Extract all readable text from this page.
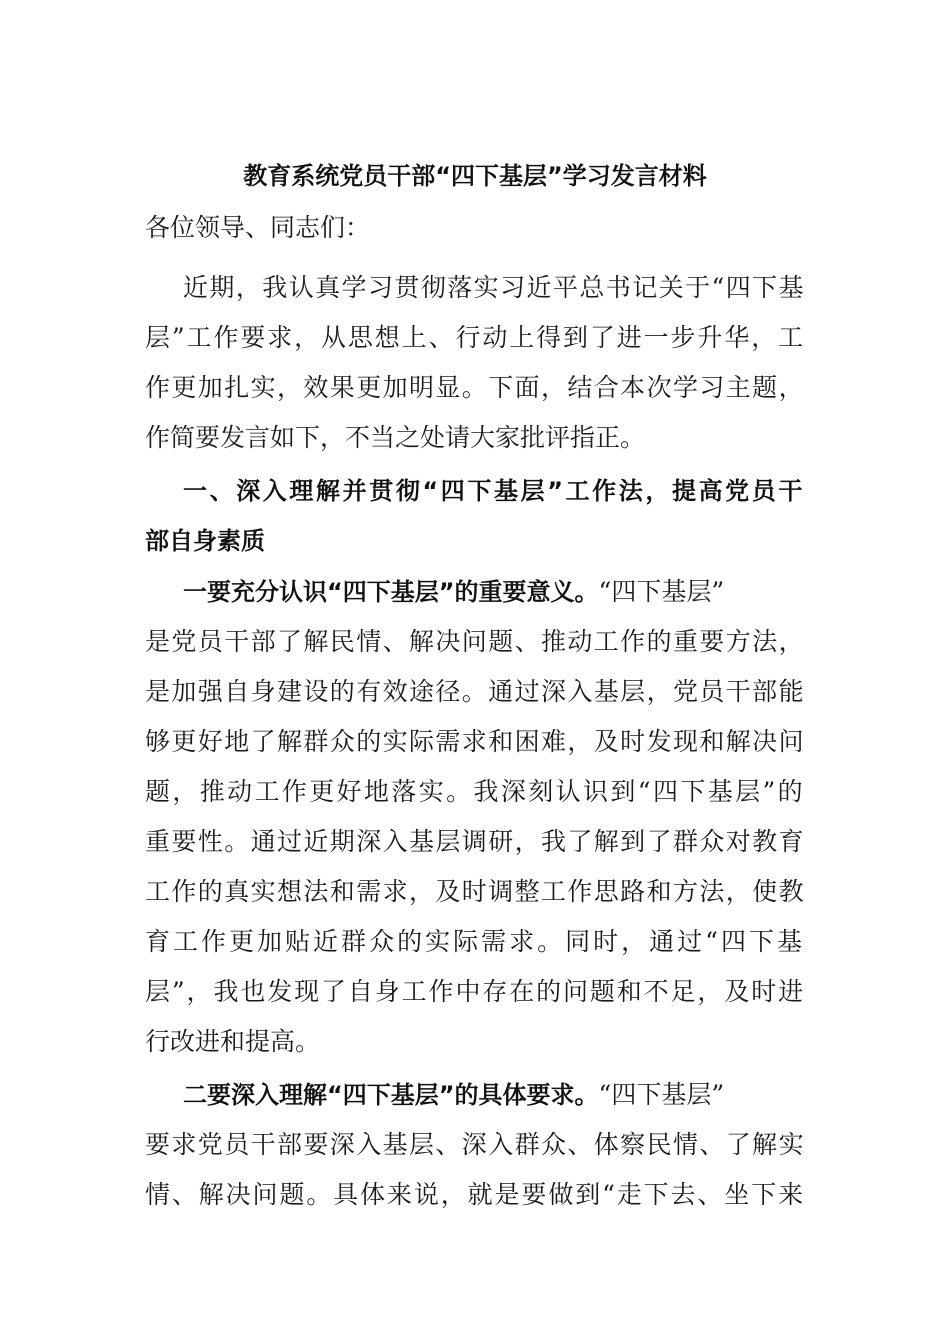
教育系统党员干部“四下基层”学习发言材料
各位领导、同志们：
近期，我认真学习贯彻落实习近平总书记关于“四下基
层”工作要求，从思想上、行动上得到了进一步升华，工
作更加扎实，效果更加明显。下面，结合本次学习主题，
作简要发言如下，不当之处请大家批评指正。
一、深入理解并贯彻“四下基层”工作法，提高党员干
部自身素质
一要充分认识“四下基层”的重要意义。“四下基层”
是党员干部了解民情、解决问题、推动工作的重要方法，
是加强自身建设的有效途径。通过深入基层，党员干部能
够更好地了解群众的实际需求和困难，及时发现和解决问
题，推动工作更好地落实。我深刻认识到“四下基层”的
重要性。通过近期深入基层调研，我了解到了群众对教育
工作的真实想法和需求，及时调整工作思路和方法，使教
育工作更加贴近群众的实际需求。同时，通过“四下基
层”，我也发现了自身工作中存在的问题和不足，及时进
行改进和提高。
二要深入理解“四下基层”的具体要求。“四下基层”
要求党员干部要深入基层、深入群众、体察民情、了解实
情、解决问题。具体来说，就是要做到“走下去、坐下来
